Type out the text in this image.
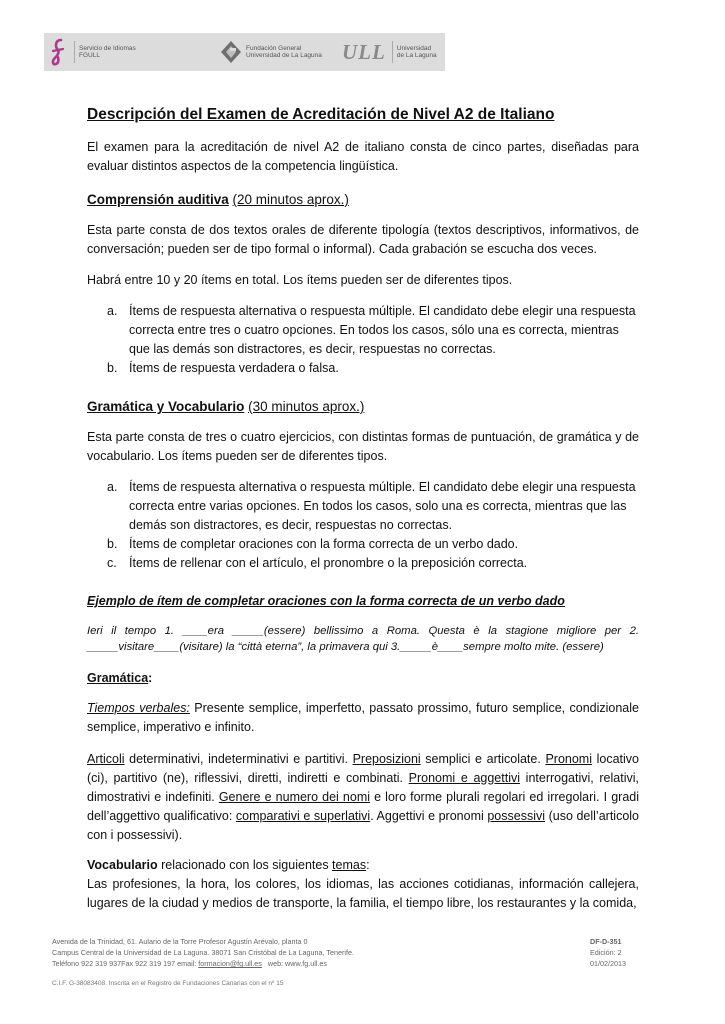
Servicio de Idiomas
FGULL
Fundación General
Universidad de La Laguna ULL Universidad
de La Laguna
Descripción del Examen de Acreditación de Nivel A2 de Italiano

El examen para la acreditación de nivel A2 de italiano consta de cinco partes, diseñadas para evaluar distintos aspectos de la competencia lingüística.

Comprensión auditiva (20 minutos aprox.)

Esta parte consta de dos textos orales de diferente tipología (textos descriptivos, informativos, de conversación; pueden ser de tipo formal o informal). Cada grabación se escucha dos veces.

Habrá entre 10 y 20 ítems en total. Los ítems pueden ser de diferentes tipos.

a. Ítems de respuesta alternativa o respuesta múltiple. El candidato debe elegir una respuesta correcta entre tres o cuatro opciones. En todos los casos, sólo una es correcta, mientras que las demás son distractores, es decir, respuestas no correctas.
b. Ítems de respuesta verdadera o falsa.
Gramática y Vocabulario (30 minutos aprox.)

Esta parte consta de tres o cuatro ejercicios, con distintas formas de puntuación, de gramática y de vocabulario. Los ítems pueden ser de diferentes tipos.

a. Ítems de respuesta alternativa o respuesta múltiple. El candidato debe elegir una respuesta correcta entre varias opciones. En todos los casos, solo una es correcta, mientras que las demás son distractores, es decir, respuestas no correctas.
b. Ítems de completar oraciones con la forma correcta de un verbo dado.
c. Ítems de rellenar con el artículo, el pronombre o la preposición correcta.
Ejemplo de ítem de completar oraciones con la forma correcta de un verbo dado
Ieri il tempo 1. ____era _____(essere) bellissimo a Roma. Questa è la stagione migliore per 2.
_____visitare____(visitare) la “città eterna”, la primavera qui 3._____è____sempre molto mite. (essere)
Gramática:

Tiempos verbales: Presente semplice, imperfetto, passato prossimo, futuro semplice, condizionale semplice, imperativo e infinito.

Articoli determinativi, indeterminativi e partitivi. Preposizioni semplici e articolate. Pronomi locativo (ci), partitivo (ne), riflessivi, diretti, indiretti e combinati. Pronomi e aggettivi interrogativi, relativi, dimostrativi e indefiniti. Genere e numero dei nomi e loro forme plurali regolari ed irregolari. I gradi dell’aggettivo qualificativo: comparativi e superlativi. Aggettivi e pronomi possessivi (uso dell’articolo con i possessivi).

Vocabulario relacionado con los siguientes temas:
Las profesiones, la hora, los colores, los idiomas, las acciones cotidianas, información callejera, lugares de la ciudad y medios de transporte, la familia, el tiempo libre, los restaurantes y la comida,

Avenida de la Trinidad, 61. Aulario de la Torre Profesor Agustín Arévalo, planta 0
Campus Central de la Universidad de La Laguna. 38071 San Cristóbal de La Laguna, Tenerife.
Teléfono 922 319 937Fax 922 319 197 email: formacion@fg.ull.es   web: www.fg.ull.es
DF-D-351
Edición: 2
01/02/2013
C.I.F. G-38083408. Inscrita en el Registro de Fundaciones Canarias con el nº 15
